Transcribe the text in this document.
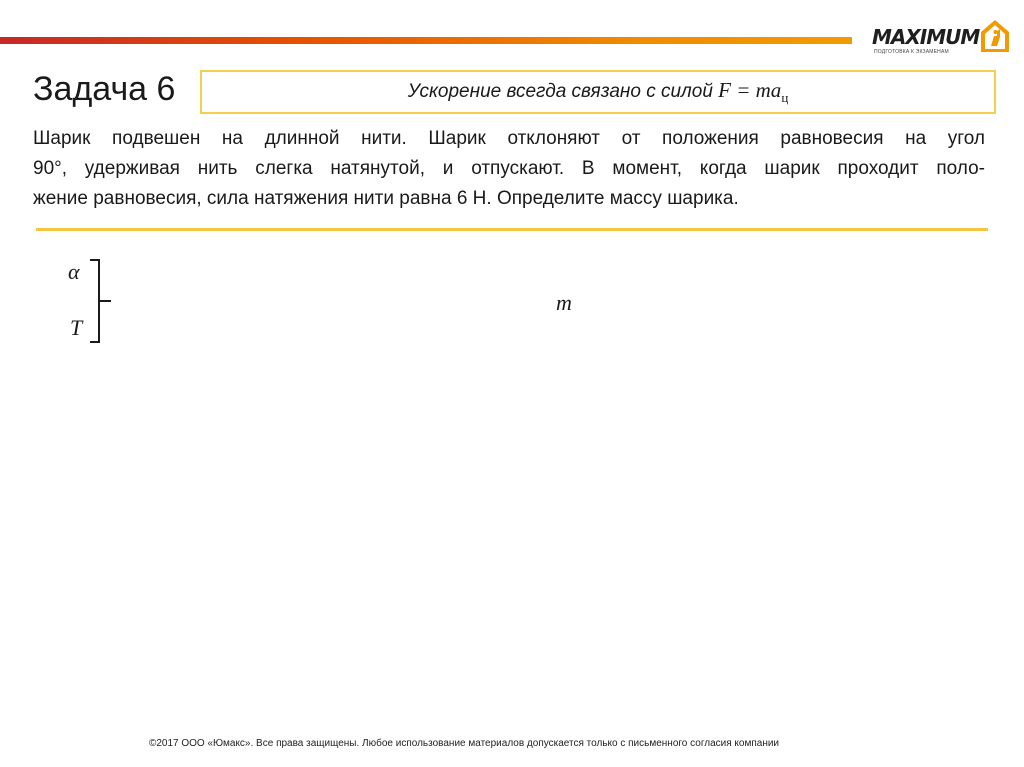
MAXIMUM
ПОДГОТОВКА К ЭКЗАМЕНАМ
Задача 6	Ускорение всегда связано с силой $F = ma_ц$
Шарик подвешен на длинной нити. Шарик отклоняют от положения равновесия на угол
90°, удерживая нить слегка натянутой, и отпускают. В момент, когда шарик проходит поло-
жение равновесия, сила натяжения нити равна 6 Н. Определите массу шарика.
α
T
m
©2017 ООО «Юмакс». Все права защищены. Любое использование материалов допускается только с письменного согласия компании
